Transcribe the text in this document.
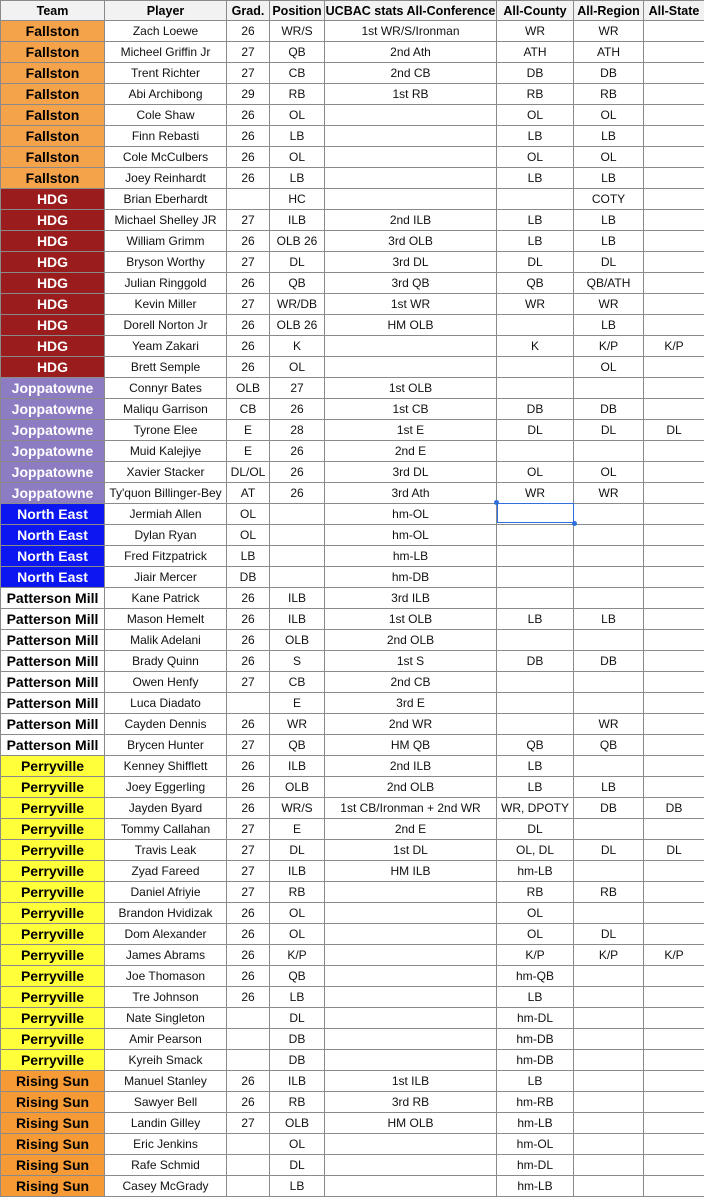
Team	Player	Grad.	Position	UCBAC stats All-Conference	All-County	All-Region	All-State
Fallston	Zach Loewe	26	WR/S	1st WR/S/Ironman	WR	WR	
Fallston	Micheel Griffin Jr	27	QB	2nd Ath	ATH	ATH	
Fallston	Trent Richter	27	CB	2nd CB	DB	DB	
Fallston	Abi Archibong	29	RB	1st RB	RB	RB	
Fallston	Cole Shaw	26	OL		OL	OL	
Fallston	Finn Rebasti	26	LB		LB	LB	
Fallston	Cole McCulbers	26	OL		OL	OL	
Fallston	Joey Reinhardt	26	LB		LB	LB	
HDG	Brian Eberhardt		HC			COTY	
HDG	Michael Shelley JR	27	ILB	2nd ILB	LB	LB	
HDG	William Grimm	26	OLB 26	3rd OLB	LB	LB	
HDG	Bryson Worthy	27	DL	3rd DL	DL	DL	
HDG	Julian Ringgold	26	QB	3rd QB	QB	QB/ATH	
HDG	Kevin Miller	27	WR/DB	1st WR	WR	WR	
HDG	Dorell Norton Jr	26	OLB 26	HM OLB		LB	
HDG	Yeam Zakari	26	K		K	K/P	K/P
HDG	Brett Semple	26	OL			OL	
Joppatowne	Connyr Bates	OLB	27	1st OLB			
Joppatowne	Maliqu Garrison	CB	26	1st CB	DB	DB	
Joppatowne	Tyrone Elee	E	28	1st E	DL	DL	DL
Joppatowne	Muid Kalejiye	E	26	2nd E			
Joppatowne	Xavier Stacker	DL/OL	26	3rd DL	OL	OL	
Joppatowne	Ty'quon Billinger-Bey	AT	26	3rd Ath	WR	WR	
North East	Jermiah Allen	OL		hm-OL			
North East	Dylan Ryan	OL		hm-OL			
North East	Fred Fitzpatrick	LB		hm-LB			
North East	Jiair Mercer	DB		hm-DB			
Patterson Mill	Kane Patrick	26	ILB	3rd ILB			
Patterson Mill	Mason Hemelt	26	ILB	1st OLB	LB	LB	
Patterson Mill	Malik Adelani	26	OLB	2nd OLB			
Patterson Mill	Brady Quinn	26	S	1st S	DB	DB	
Patterson Mill	Owen Henfy	27	CB	2nd CB			
Patterson Mill	Luca Diadato		E	3rd E			
Patterson Mill	Cayden Dennis	26	WR	2nd WR		WR	
Patterson Mill	Brycen Hunter	27	QB	HM QB	QB	QB	
Perryville	Kenney Shifflett	26	ILB	2nd ILB	LB		
Perryville	Joey Eggerling	26	OLB	2nd OLB	LB	LB	
Perryville	Jayden Byard	26	WR/S	1st CB/Ironman + 2nd WR	WR, DPOTY	DB	DB
Perryville	Tommy Callahan	27	E	2nd E	DL		
Perryville	Travis Leak	27	DL	1st DL	OL, DL	DL	DL
Perryville	Zyad Fareed	27	ILB	HM ILB	hm-LB		
Perryville	Daniel Afriyie	27	RB		RB	RB	
Perryville	Brandon Hvidizak	26	OL		OL		
Perryville	Dom Alexander	26	OL		OL	DL	
Perryville	James Abrams	26	K/P		K/P	K/P	K/P
Perryville	Joe Thomason	26	QB		hm-QB		
Perryville	Tre Johnson	26	LB		LB		
Perryville	Nate Singleton		DL		hm-DL		
Perryville	Amir Pearson		DB		hm-DB		
Perryville	Kyreih Smack		DB		hm-DB		
Rising Sun	Manuel Stanley	26	ILB	1st ILB	LB		
Rising Sun	Sawyer Bell	26	RB	3rd RB	hm-RB		
Rising Sun	Landin Gilley	27	OLB	HM OLB	hm-LB		
Rising Sun	Eric Jenkins		OL		hm-OL		
Rising Sun	Rafe Schmid		DL		hm-DL		
Rising Sun	Casey McGrady		LB		hm-LB		
